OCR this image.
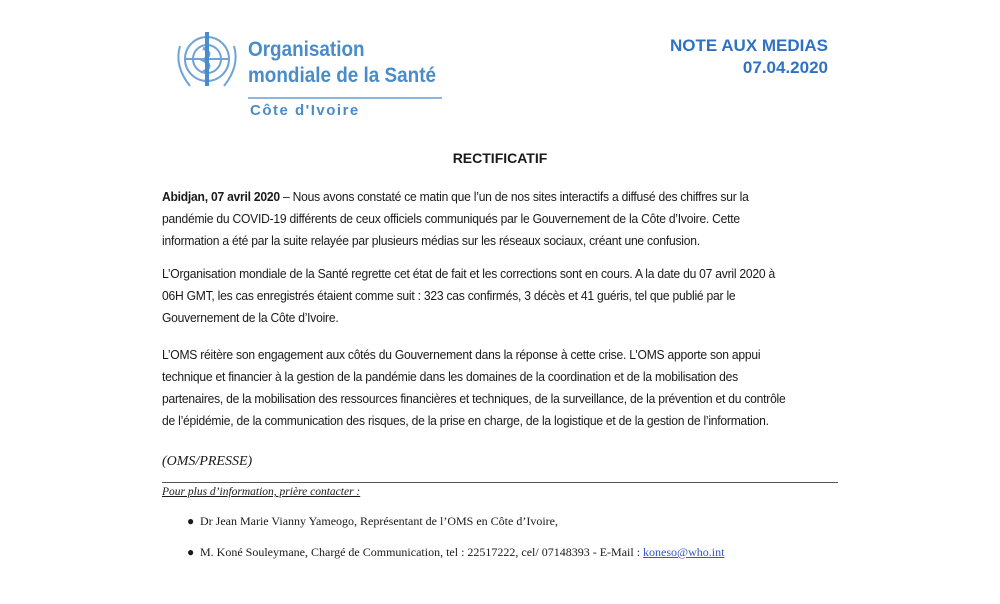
Organisation
mondiale de la Santé
Côte d'Ivoire
NOTE AUX MEDIAS
07.04.2020
RECTIFICATIF
Abidjan, 07 avril 2020 – Nous avons constaté ce matin que l’un de nos sites interactifs a diffusé des chiffres sur la
pandémie du COVID-19 différents de ceux officiels communiqués par le Gouvernement de la Côte d’Ivoire. Cette
information a été par la suite relayée par plusieurs médias sur les réseaux sociaux, créant une confusion.
L’Organisation mondiale de la Santé regrette cet état de fait et les corrections sont en cours. A la date du 07 avril 2020 à
06H GMT, les cas enregistrés étaient comme suit : 323 cas confirmés, 3 décès et 41 guéris, tel que publié par le
Gouvernement de la Côte d’Ivoire.
L’OMS réitère son engagement aux côtés du Gouvernement dans la réponse à cette crise. L’OMS apporte son appui
technique et financier à la gestion de la pandémie dans les domaines de la coordination et de la mobilisation des
partenaires, de la mobilisation des ressources financières et techniques, de la surveillance, de la prévention et du contrôle
de l’épidémie, de la communication des risques, de la prise en charge, de la logistique et de la gestion de l’information.
(OMS/PRESSE)
Pour plus d’information, prière contacter :
● Dr Jean Marie Vianny Yameogo, Représentant de l’OMS en Côte d’Ivoire,
● M. Koné Souleymane, Chargé de Communication, tel : 22517222, cel/ 07148393 - E-Mail : koneso@who.int
